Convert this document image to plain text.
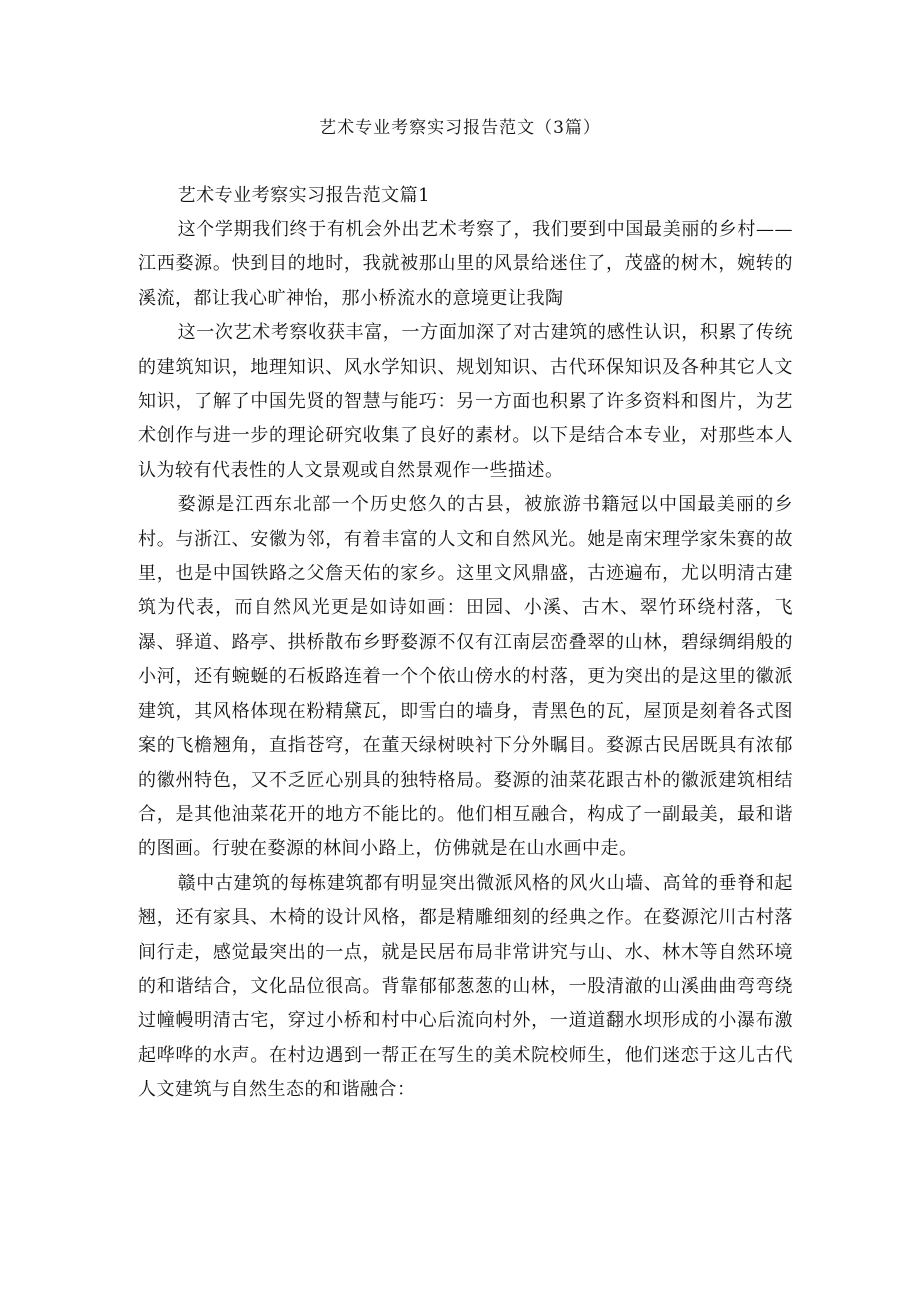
艺术专业考察实习报告范文（3篇）

艺术专业考察实习报告范文篇1

这个学期我们终于有机会外出艺术考察了，我们要到中国最美丽的乡村——江西婺源。快到目的地时，我就被那山里的风景给迷住了，茂盛的树木，婉转的溪流，都让我心旷神怡，那小桥流水的意境更让我陶

这一次艺术考察收获丰富，一方面加深了对古建筑的感性认识，积累了传统的建筑知识，地理知识、风水学知识、规划知识、古代环保知识及各种其它人文知识，了解了中国先贤的智慧与能巧：另一方面也积累了许多资料和图片，为艺术创作与进一步的理论研究收集了良好的素材。以下是结合本专业，对那些本人认为较有代表性的人文景观或自然景观作一些描述。

婺源是江西东北部一个历史悠久的古县，被旅游书籍冠以中国最美丽的乡村。与浙江、安徽为邻，有着丰富的人文和自然风光。她是南宋理学家朱赛的故里，也是中国铁路之父詹天佑的家乡。这里文风鼎盛，古迹遍布，尤以明清古建筑为代表，而自然风光更是如诗如画：田园、小溪、古木、翠竹环绕村落，飞瀑、驿道、路亭、拱桥散布乡野婺源不仅有江南层峦叠翠的山林，碧绿绸绢般的小河，还有蜿蜒的石板路连着一个个依山傍水的村落，更为突出的是这里的徽派建筑，其风格体现在粉精黛瓦，即雪白的墙身，青黑色的瓦，屋顶是刻着各式图案的飞檐翘角，直指苍穹，在董天绿树映衬下分外瞩目。婺源古民居既具有浓郁的徽州特色，又不乏匠心别具的独特格局。婺源的油菜花跟古朴的徽派建筑相结合，是其他油菜花开的地方不能比的。他们相互融合，构成了一副最美，最和谐的图画。行驶在婺源的林间小路上，仿佛就是在山水画中走。

赣中古建筑的每栋建筑都有明显突出微派风格的风火山墙、高耸的垂脊和起翘，还有家具、木椅的设计风格，都是精雕细刻的经典之作。在婺源沱川古村落间行走，感觉最突出的一点，就是民居布局非常讲究与山、水、林木等自然环境的和谐结合，文化品位很高。背靠郁郁葱葱的山林，一股清澈的山溪曲曲弯弯绕过幢幔明清古宅，穿过小桥和村中心后流向村外，一道道翻水坝形成的小瀑布激起哗哗的水声。在村边遇到一帮正在写生的美术院校师生，他们迷恋于这儿古代人文建筑与自然生态的和谐融合：
